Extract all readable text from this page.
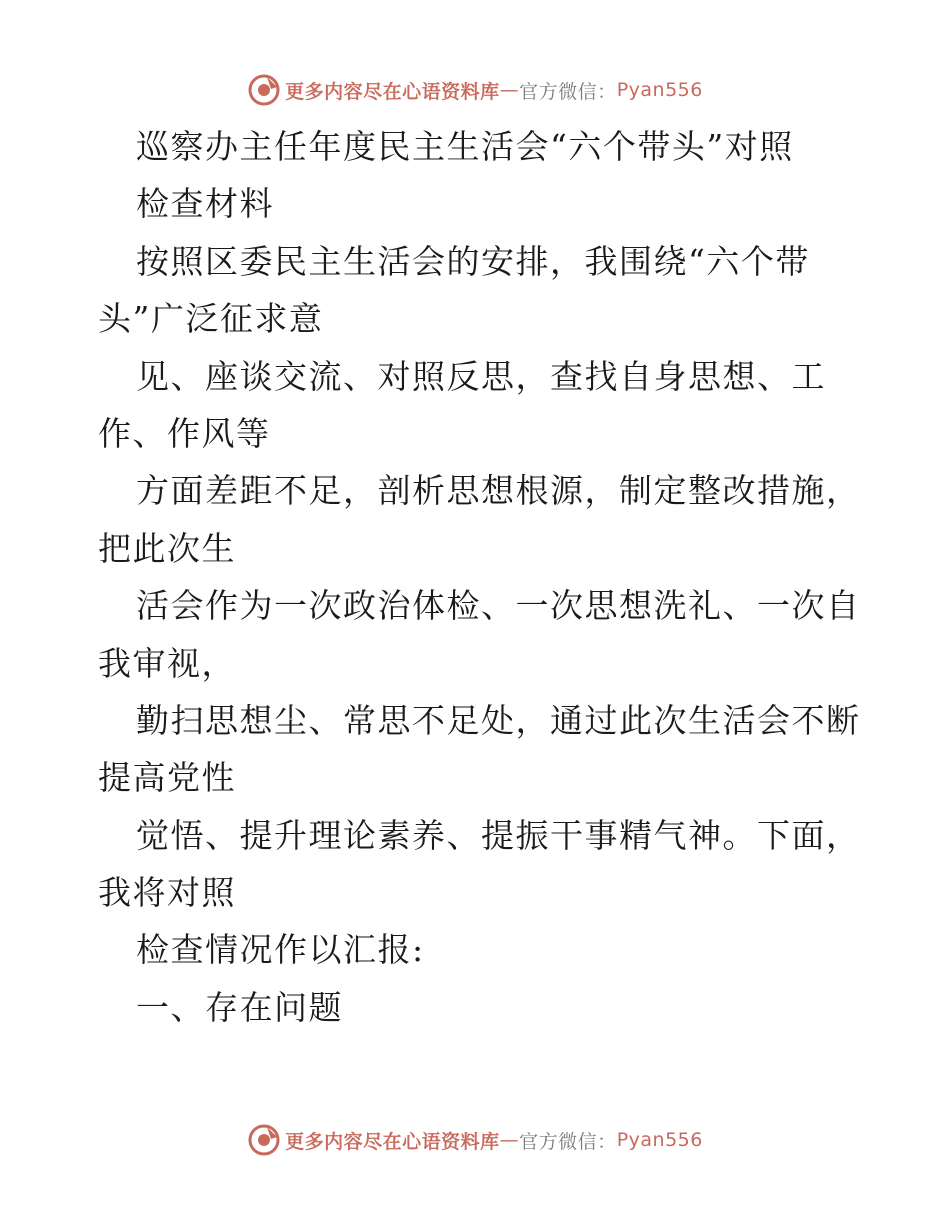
更多内容尽在心语资料库 — 官方微信： Pyan556
巡察办主任年度民主生活会“六个带头”对照
检查材料
按照区委民主生活会的安排，我围绕“六个带
头”广泛征求意
见、座谈交流、对照反思，查找自身思想、工
作、作风等
方面差距不足，剖析思想根源，制定整改措施，
把此次生
活会作为一次政治体检、一次思想洗礼、一次自
我审视，
勤扫思想尘、常思不足处，通过此次生活会不断
提高党性
觉悟、提升理论素养、提振干事精气神。下面，
我将对照
检查情况作以汇报:
一、存在问题
更多内容尽在心语资料库 — 官方微信： Pyan556
